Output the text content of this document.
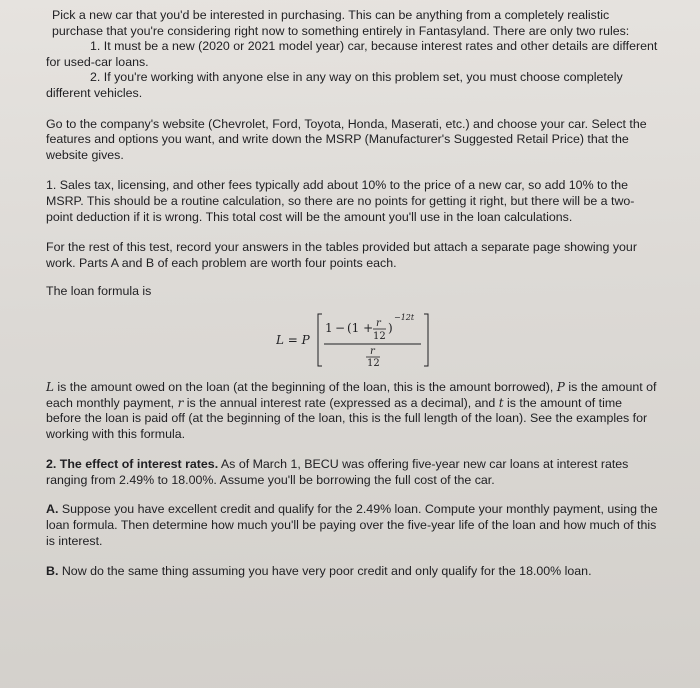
Pick a new car that you'd be interested in purchasing. This can be anything from a completely realistic purchase that you're considering right now to something entirely in Fantasyland. There are only two rules:

1. It must be a new (2020 or 2021 model year) car, because interest rates and other details are different for used-car loans.

2. If you're working with anyone else in any way on this problem set, you must choose completely different vehicles.

Go to the company's website (Chevrolet, Ford, Toyota, Honda, Maserati, etc.) and choose your car. Select the features and options you want, and write down the MSRP (Manufacturer's Suggested Retail Price) that the website gives.

1. Sales tax, licensing, and other fees typically add about 10% to the price of a new car, so add 10% to the MSRP. This should be a routine calculation, so there are no points for getting it right, but there will be a two-point deduction if it is wrong. This total cost will be the amount you'll use in the loan calculations.

For the rest of this test, record your answers in the tables provided but attach a separate page showing your work. Parts A and B of each problem are worth four points each.

The loan formula is

L = P
1 − (1 + r
12
)
−12t
r
12

L is the amount owed on the loan (at the beginning of the loan, this is the amount borrowed), P is the amount of each monthly payment, r is the annual interest rate (expressed as a decimal), and t is the amount of time before the loan is paid off (at the beginning of the loan, this is the full length of the loan). See the examples for working with this formula.

2. The effect of interest rates. As of March 1, BECU was offering five-year new car loans at interest rates ranging from 2.49% to 18.00%. Assume you'll be borrowing the full cost of the car.

A. Suppose you have excellent credit and qualify for the 2.49% loan. Compute your monthly payment, using the loan formula. Then determine how much you'll be paying over the five-year life of the loan and how much of this is interest.

B. Now do the same thing assuming you have very poor credit and only qualify for the 18.00% loan.
